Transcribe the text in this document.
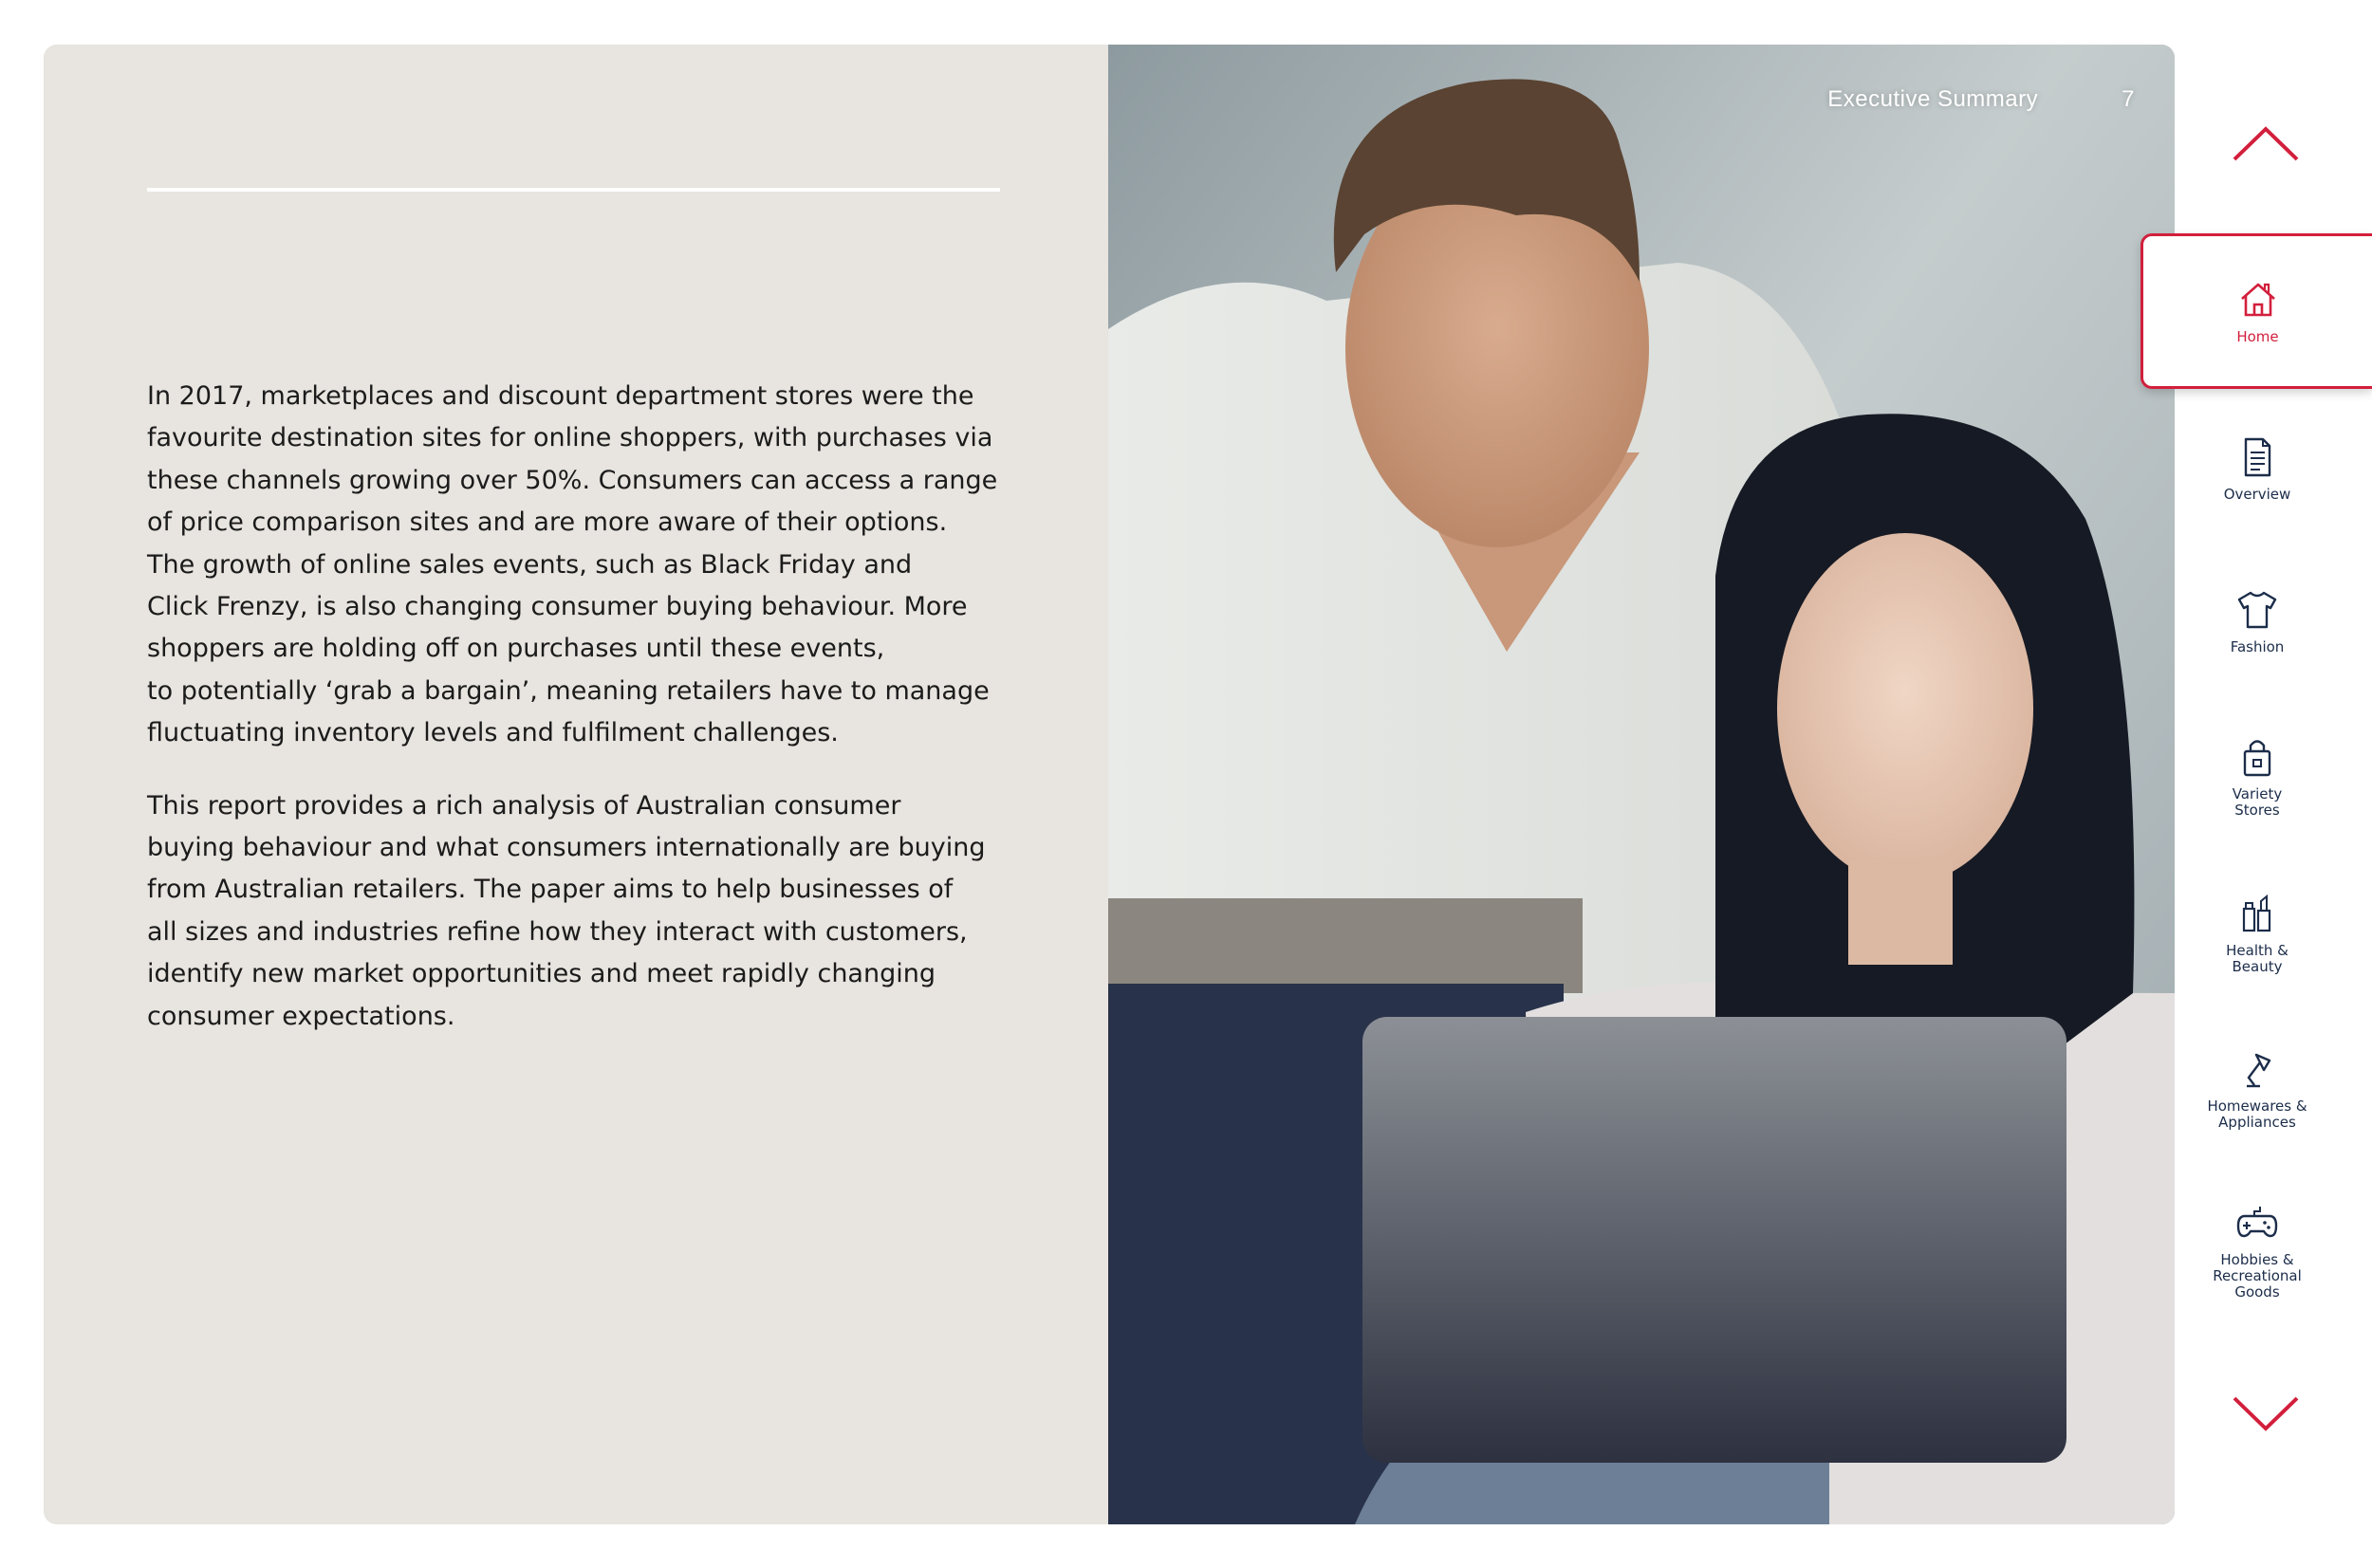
In 2017, marketplaces and discount department stores were the
favourite destination sites for online shoppers, with purchases via
these channels growing over 50%. Consumers can access a range
of price comparison sites and are more aware of their options.
The growth of online sales events, such as Black Friday and
Click Frenzy, is also changing consumer buying behaviour. More
shoppers are holding off on purchases until these events,
to potentially ‘grab a bargain’, meaning retailers have to manage
fluctuating inventory levels and fulfilment challenges.

This report provides a rich analysis of Australian consumer
buying behaviour and what consumers internationally are buying
from Australian retailers. The paper aims to help businesses of
all sizes and industries refine how they interact with customers,
identify new market opportunities and meet rapidly changing
consumer expectations.

Executive Summary	7
Home
Overview
Fashion
Variety
Stores
Health &
Beauty
Homewares &
Appliances
Hobbies &
Recreational
Goods
